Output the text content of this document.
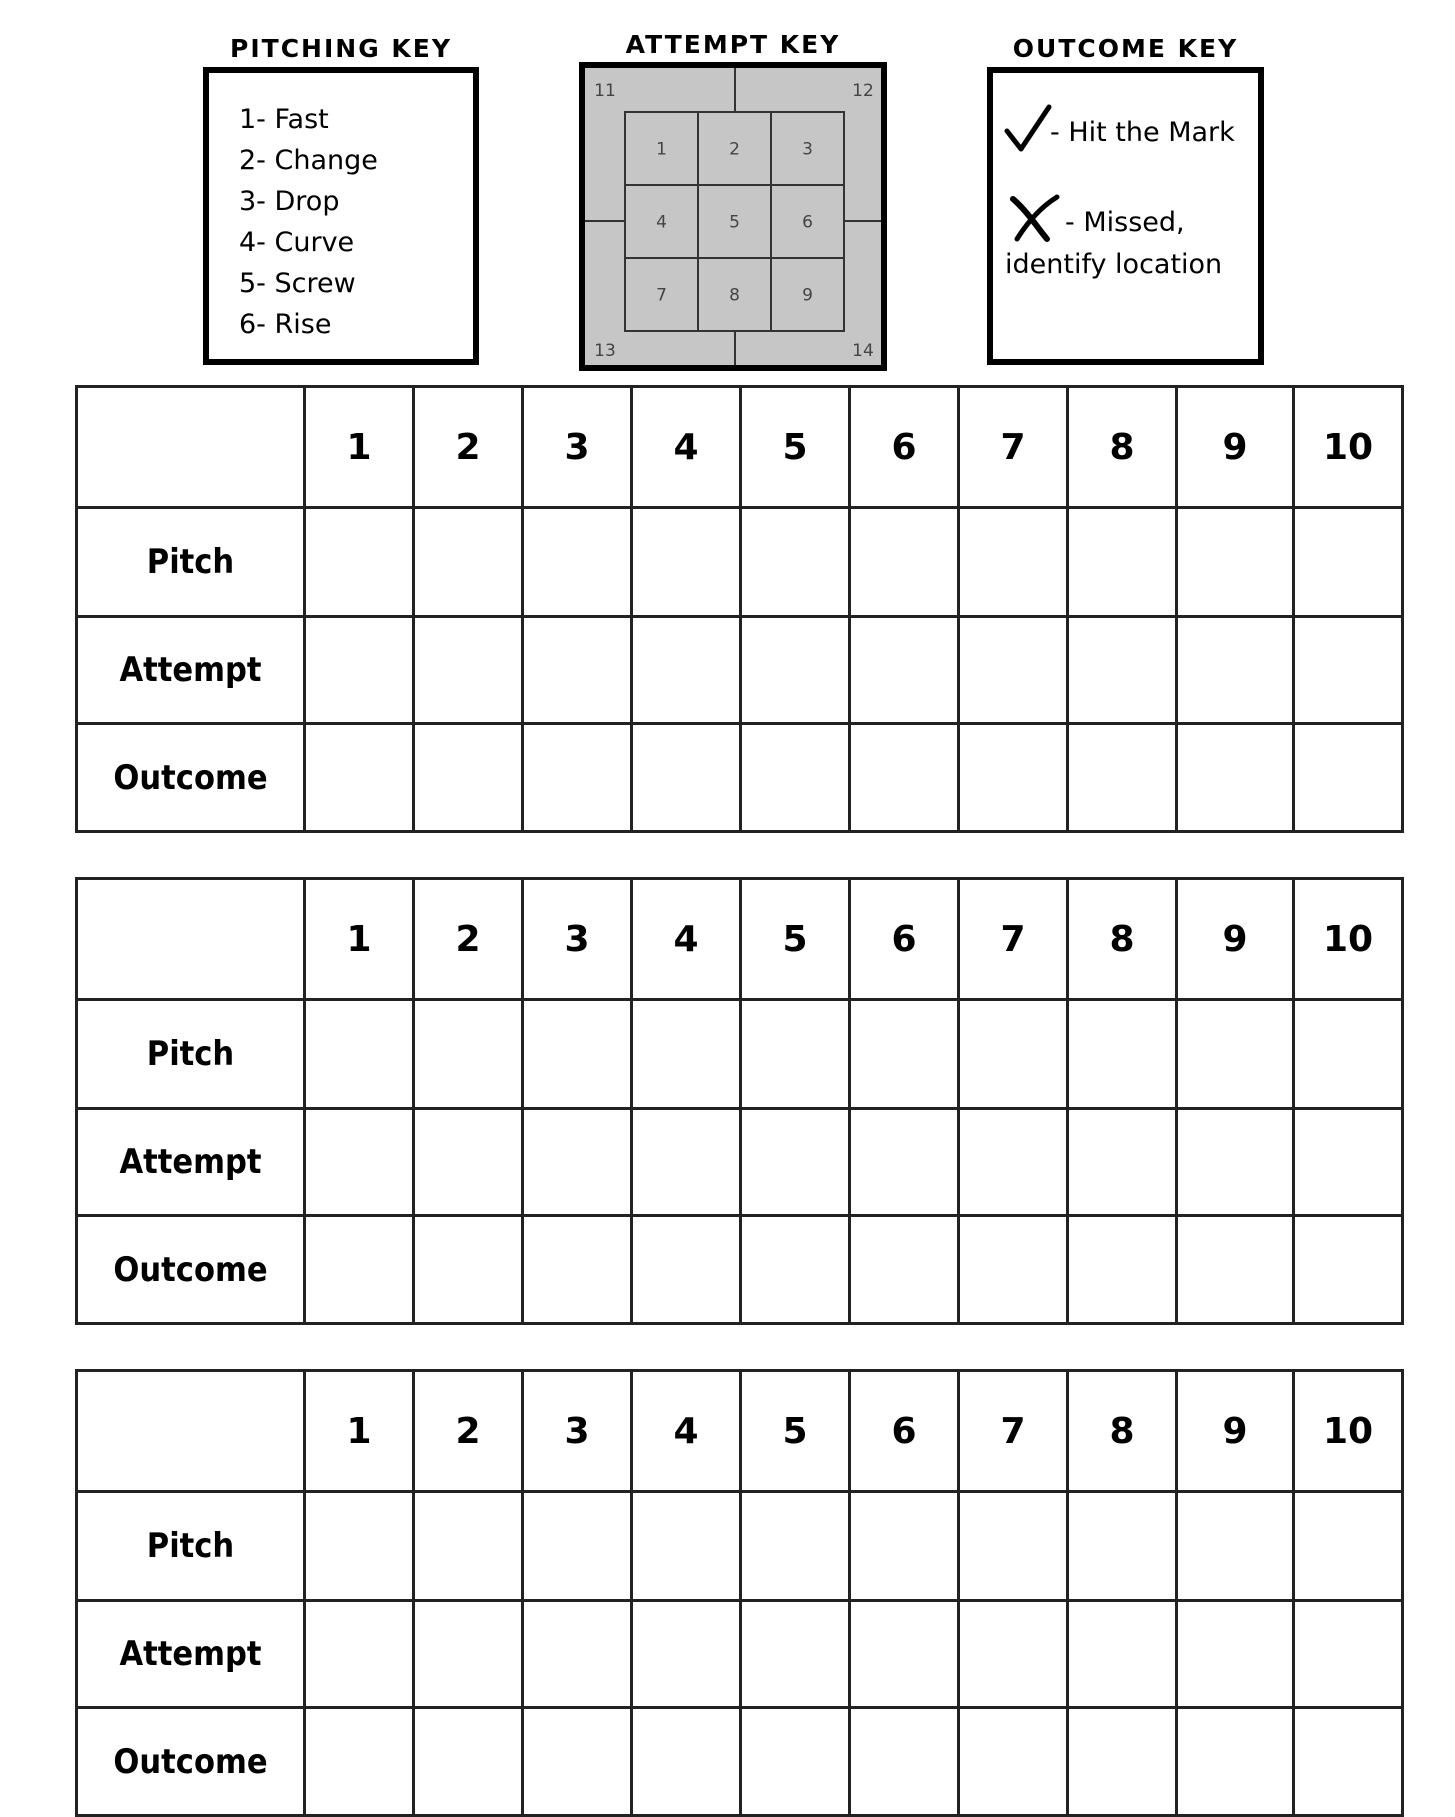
PITCHING KEY
1- Fast
2- Change
3- Drop
4- Curve
5- Screw
6- Rise
ATTEMPT KEY
11	12
13	14
1	2	3
4	5	6
7	8	9
OUTCOME KEY
- Hit the Mark
- Missed,
identify location
	1	2	3	4	5	6	7	8	9	10
Pitch										
Attempt										
Outcome										
	1	2	3	4	5	6	7	8	9	10
Pitch										
Attempt										
Outcome										
	1	2	3	4	5	6	7	8	9	10
Pitch										
Attempt										
Outcome										
